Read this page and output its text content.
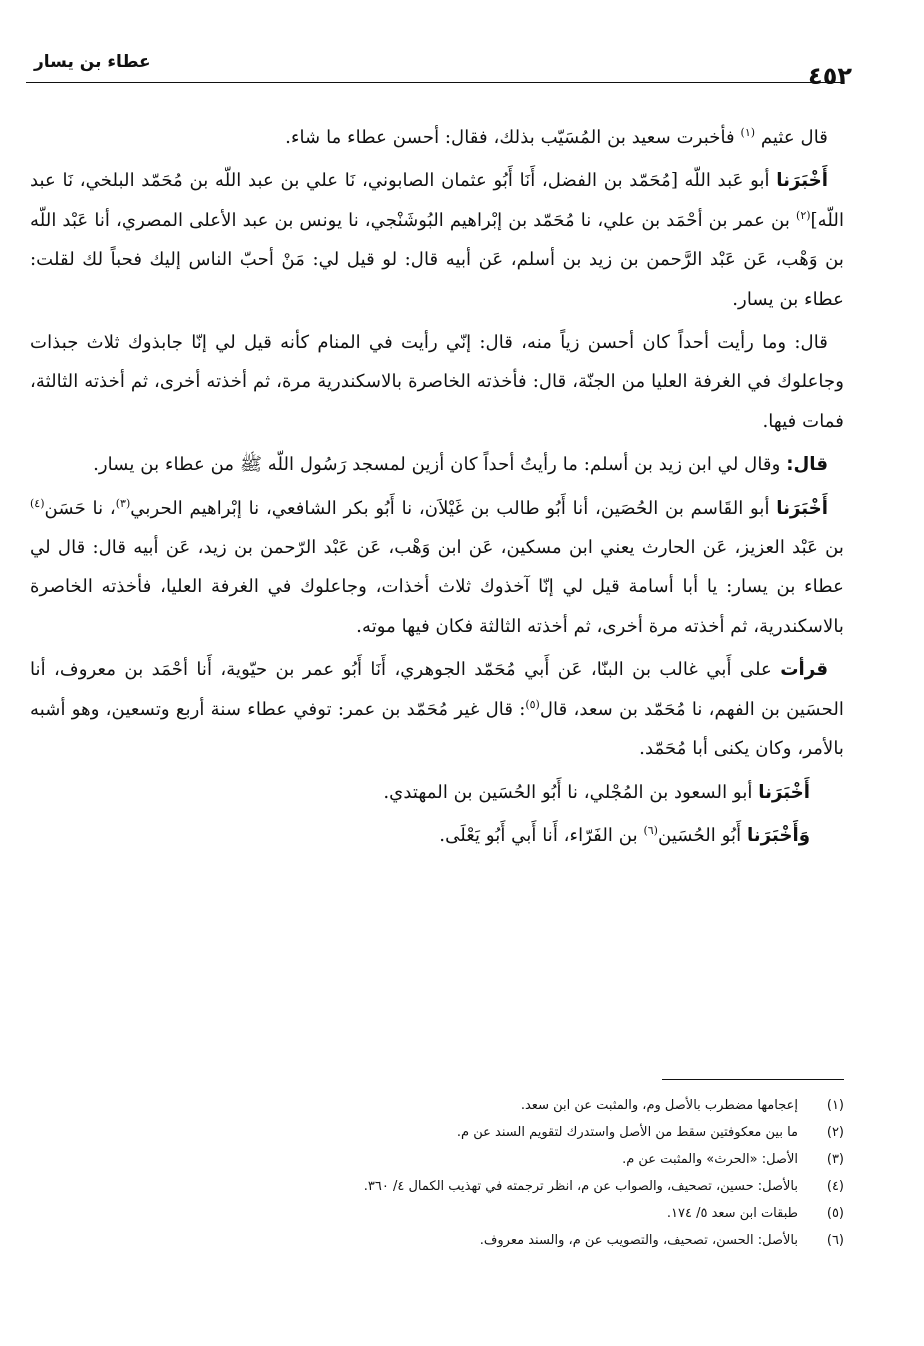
عطاء بن يسار	٤٥٢

قال عثيم $^{(١)}$ فأخبرت سعيد بن المُسَيّب بذلك، فقال: أحسن عطاء ما شاء.

أَخْبَرَنا أبو عَبد اللّه [مُحَمّد بن الفضل، أَنَا أَبُو عثمان الصابوني، نَا علي بن عبد اللّه بن مُحَمّد البلخي، نَا عبد اللّه]$^{(٢)}$ بن عمر بن أحْمَد بن علي، نا مُحَمّد بن إبْراهيم البُوشَنْجي، نا يونس بن عبد الأعلى المصري، أنا عَبْد اللّه بن وَهْب، عَن عَبْد الرَّحمن بن زيد بن أسلم، عَن أبيه قال: لو قيل لي: مَنْ أحبّ الناس إليك فحباً لك لقلت: عطاء بن يسار.

قال: وما رأيت أحداً كان أحسن زياً منه، قال: إنّي رأيت في المنام كأنه قيل لي إنّا جابذوك ثلاث جبذات وجاعلوك في الغرفة العليا من الجنّة، قال: فأخذته الخاصرة بالاسكندرية مرة، ثم أخذته أخرى، ثم أخذته الثالثة، فمات فيها.

قال: وقال لي ابن زيد بن أسلم: ما رأيتُ أحداً كان أزين لمسجد رَسُول اللّه ﷺ من عطاء بن يسار.

أَخْبَرَنا أبو القَاسم بن الحُصَين، أنا أَبُو طالب بن غَيْلاَن، نا أَبُو بكر الشافعي، نا إبْراهيم الحربي$^{(٣)}$، نا حَسَن$^{(٤)}$ بن عَبْد العزيز، عَن الحارث يعني ابن مسكين، عَن ابن وَهْب، عَن عَبْد الرّحمن بن زيد، عَن أبيه قال: قال لي عطاء بن يسار: يا أبا أسامة قيل لي إنّا آخذوك ثلاث أخذات، وجاعلوك في الغرفة العليا، فأخذته الخاصرة بالاسكندرية، ثم أخذته مرة أخرى، ثم أخذته الثالثة فكان فيها موته.

قرأت على أَبي غالب بن البنّا، عَن أَبي مُحَمّد الجوهري، أَنَا أَبُو عمر بن حيّوية، أَنا أحْمَد بن معروف، أنا الحسَين بن الفهم، نا مُحَمّد بن سعد، قال$^{(٥)}$: قال غير مُحَمّد بن عمر: توفي عطاء سنة أربع وتسعين، وهو أشبه بالأمر، وكان يكنى أبا مُحَمّد.

أَخْبَرَنا أبو السعود بن المُجْلي، نا أَبُو الحُسَين بن المهتدي.

وَأَخْبَرَنا أَبُو الحُسَين$^{(٦)}$ بن الفَرّاء، أَنا أَبي أَبُو يَعْلَى.

(١)
إعجامها مضطرب بالأصل وم، والمثبت عن ابن سعد.
(٢)
ما بين معكوفتين سقط من الأصل واستدرك لتقويم السند عن م.
(٣)
الأصل: «الحرث» والمثبت عن م.
(٤)
بالأصل: حسين، تصحيف، والصواب عن م، انظر ترجمته في تهذيب الكمال ٤/ ٣٦٠.
(٥)
طبقات ابن سعد ٥/ ١٧٤.
(٦)
بالأصل: الحسن، تصحيف، والتصويب عن م، والسند معروف.
